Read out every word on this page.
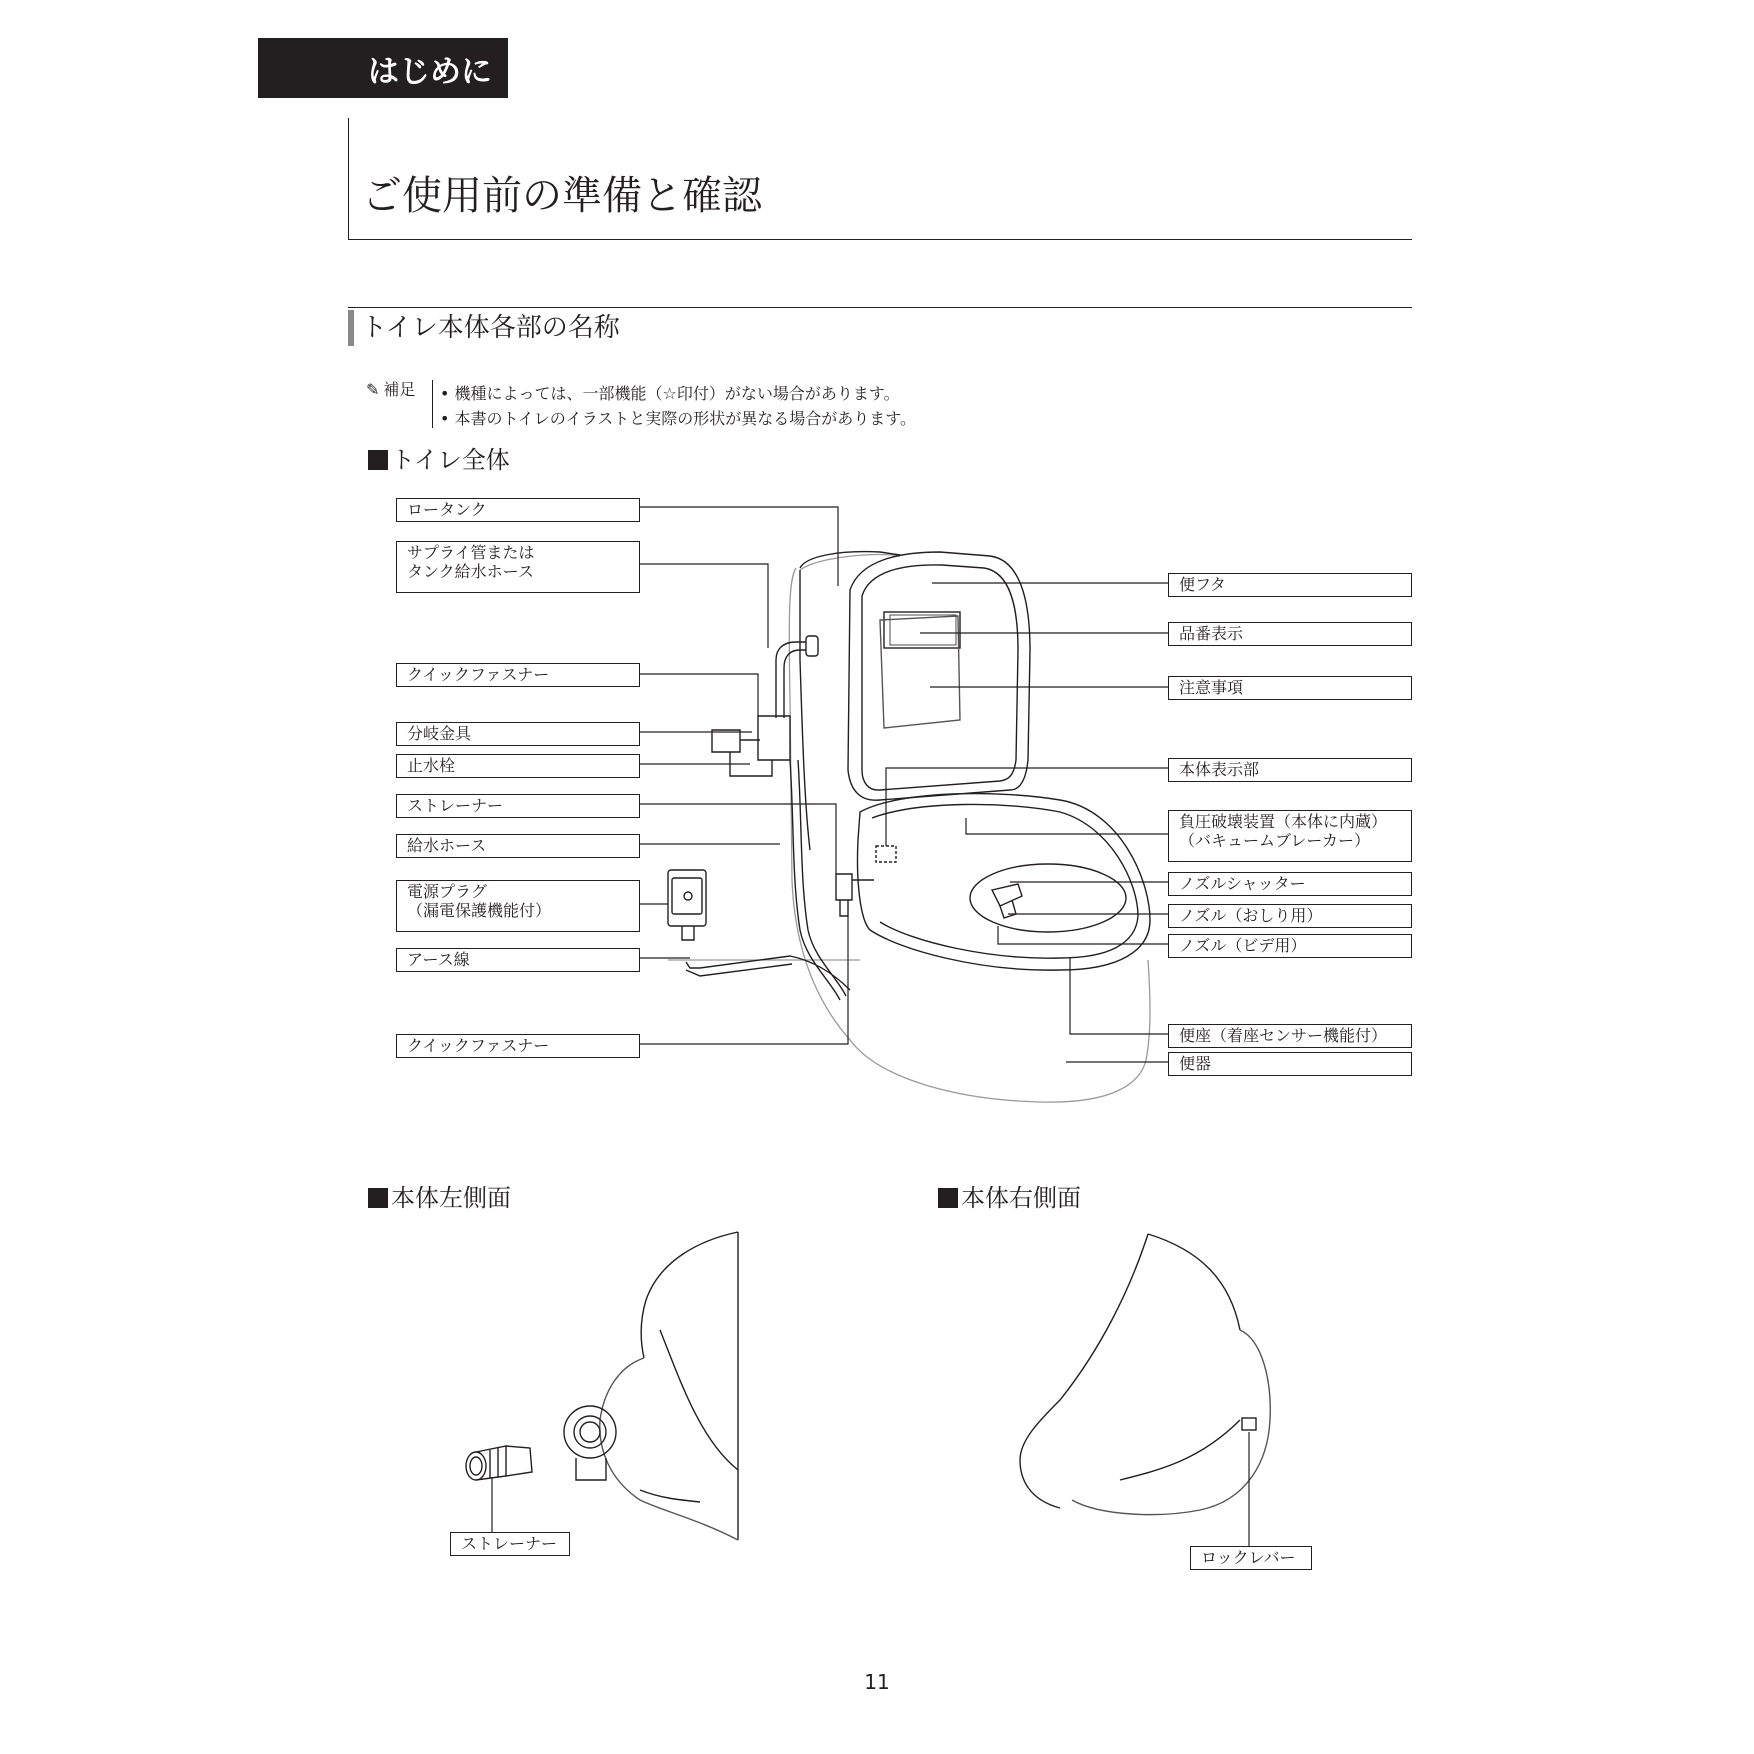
はじめに
ご使用前の準備と確認
トイレ本体各部の名称
✎ 補足 • 機種によっては、一部機能（☆印付）がない場合があります。
• 本書のトイレのイラストと実際の形状が異なる場合があります。
トイレ全体
本体左側面	本体右側面
ロータンク
サプライ管または
タンク給水ホース
クイックファスナー
分岐金具
止水栓
ストレーナー
給水ホース
電源プラグ
（漏電保護機能付）
アース線
クイックファスナー
便フタ
品番表示
注意事項
本体表示部
負圧破壊装置（本体に内蔵）
（バキュームブレーカー）
ノズルシャッター
ノズル（おしり用）
ノズル（ビデ用）
便座（着座センサー機能付）
便器
ストレーナー
ロックレバー
11
